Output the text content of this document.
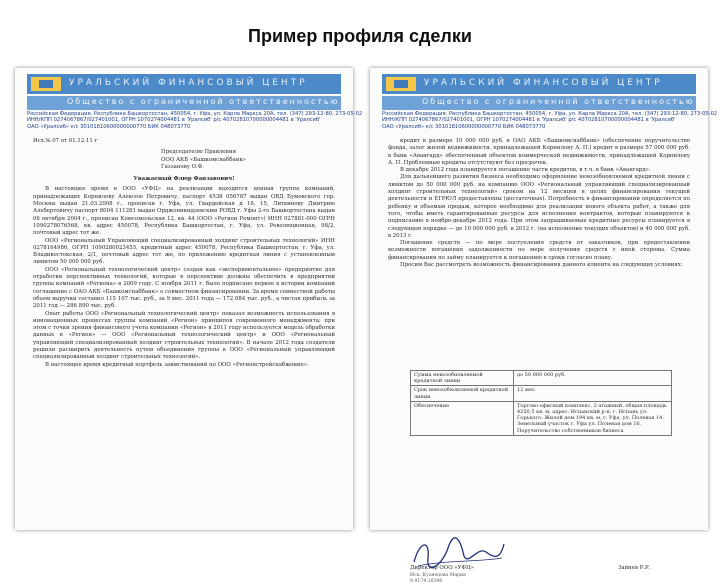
Пример профиля сделки
УРАЛЬСКИЙ ФИНАНСОВЫЙ ЦЕНТР
Общество с ограниченной ответственностью
Российская Федерация, Республика Башкортостан, 450054, г. Уфа, ул. Карла Маркса 20А, тел. (347) 293-12-80, 273-05-02
ИНН/КПП 0274067867/027401001, ОГРН 1070274004481 в 'Уралсиб' р/с 40702810700000004481 в 'Уралсиб'
ОАО «Уралсиб» к/с 30101810600000000770 БИК 048073770

Исх.№ 07 от 01.12.11 г

Председателю Правления

ООО АКБ «Башкомснаббанк»

Газзанову О.Ф.

Уважаемый Флюр Фанзавович!

В настоящее время в ООО «УФЦ» на реализации находится ценная группа компаний, принадлежащих Корнилову Алексею Петровичу, паспорт 4538 056787 выдан ОВД Бумовского гор. Москвы выдан 21.03.2008 г., прописан г. Уфа, ул. Гвардейская д 16, 15, Литвинову Дмитрию Альбертовичу паспорт 8004 111281 выдан Орджоникидзевским РОВД г. Уфы 2-го Башкортостана выдан 06 октября 2004 г., прописан Комсомольская 12, кв. 44 (ООО «Регион Ремонт») ИНН 027881-000 ОГРН 1090278076568, кв. адрес 450078, Республика Башкортостан, г. Уфа, ул. Революционная, 98/2, почтовый адрес тот же.

ООО «Региональный Управляющий специализированный холдинг строительных технологий» ИНН 0278164986, ОГРН 1090280023455, кредитный адрес 450078, Республика Башкортостан, г. Уфа, ул. Владивостокская, 2/1, почтовый адрес тот же, по приложению кредитная линия с установленным лимитом 50 000 000 руб.

ООО «Региональный технологический центр» создан как «экспериментальное» предприятие для отработки перспективных технологий, которые в перспективе должны обеспечить в предприятии группы компаний «Региона» в 2009 году. С ноября 2011 г. было подписано первое в истории компании соглашение с ОАО АКБ «Башкомснаббанк» о совместном финансировании. За время совместной работы объем выручки составил 115 107 тыс. руб., за 9 мес. 2011 года — 172 084 тыс. руб., а чистая прибыль за 2011 год — 286 890 тыс. руб.

Опыт работы ООО «Региональный технологический центр» показал возможность использования в инновационных процессах группы компаний «Регион» принципов современного менеджмента; при этом с точки зрения финансового учета компании «Регион» в 2011 году используется модель обработки данных в «Регион» — ООО «Региональный технологический центр» и ООО «Региональный управляющий специализированный холдинг строительных технологий». В начале 2012 года создатели решили расширить деятельность путем объединения группы в ООО «Региональный управляющий специализированный холдинг строительных технологий».

В настоящее время кредитный портфель заимствований по ООО «Регионстройснабжение».

УРАЛЬСКИЙ ФИНАНСОВЫЙ ЦЕНТР
Общество с ограниченной ответственностью
Российская Федерация, Республика Башкортостан, 450054, г. Уфа, ул. Карла Маркса 20А, тел. (347) 293-12-80, 273-05-02
ИНН/КПП 0274067867/027401001, ОГРН 1070274004481 в 'Уралсиб' р/с 40702810700000004481 в 'Уралсиб'
ОАО «Уралсиб» к/с 30101810600000000770 БИК 048073770

кредит в размере 10 000 000 руб. в ОАО АКБ «Башкомснаббанк» (обеспечение поручительство фонда, залог жилой недвижимости, принадлежащей Корнилову А. П.) кредит в размере 57 000 000 руб. в банк «Авангард» обеспеченный объектом коммерческой недвижимости, принадлежащей Корнилову А. П. Проблемные кредиты отсутствуют без просрочек.

В декабре 2012 года планируется погашение части кредитов, в т.ч. в банк «Авангард».

Для дальнейшего развития бизнеса необходимо оформление невозобновляемой кредитной линии с лимитом до 50 000 000 руб. на компанию ООО «Региональный управляющий специализированный холдинг строительных технологий» сроком на 12 месяцев в целях финансирования текущей деятельности и ЕГРЮЛ предоставлены (достаточных). Потребность в финансировании определяется по ребенку и объемам продаж, которое необходимо для реализации нового объекта работ, а также для того, чтобы иметь гарантированные ресурсы для исполнения контрактов, которые планируются к подписанию в ноябре-декабре 2012 года. При этом запрашиваемые кредитные ресурсы планируется в следующем порядке — до 10 000 000 руб. в 2012 г. (на исполнение текущих объектов) и 40 000 000 руб. в 2013 г.

Погашение средств — по мере поступления средств от заказчиков, при предоставлении возможности погашения задолженности по мере получения средств с иной стороны. Сумма финансирования по займу планируется к погашению в сроки согласно плану.

Просим Вас рассмотреть возможность финансирования данного клиента на следующих условиях:

Сумма невозобновляемой кредитной линии	до 50 000 000 руб.
Срок невозобновляемой кредитной линии	12 мес.
Обеспечение	Торгово-офисный комплекс, 2-этажный, общая площадь 4250,5 кв. м, адрес: Испанский р-н, г. Испань ул. Горького. Жилой дом 194 кв. м, г. Уфа, ул. Полевая 14. Земельный участок г. Уфа ул. Полевая дом 16. Поручительство собственников бизнеса
Директор ООО «УФЦ»	Зайнев Р.Р.
Исп. Кузнецова Мария
8-9174-20396
